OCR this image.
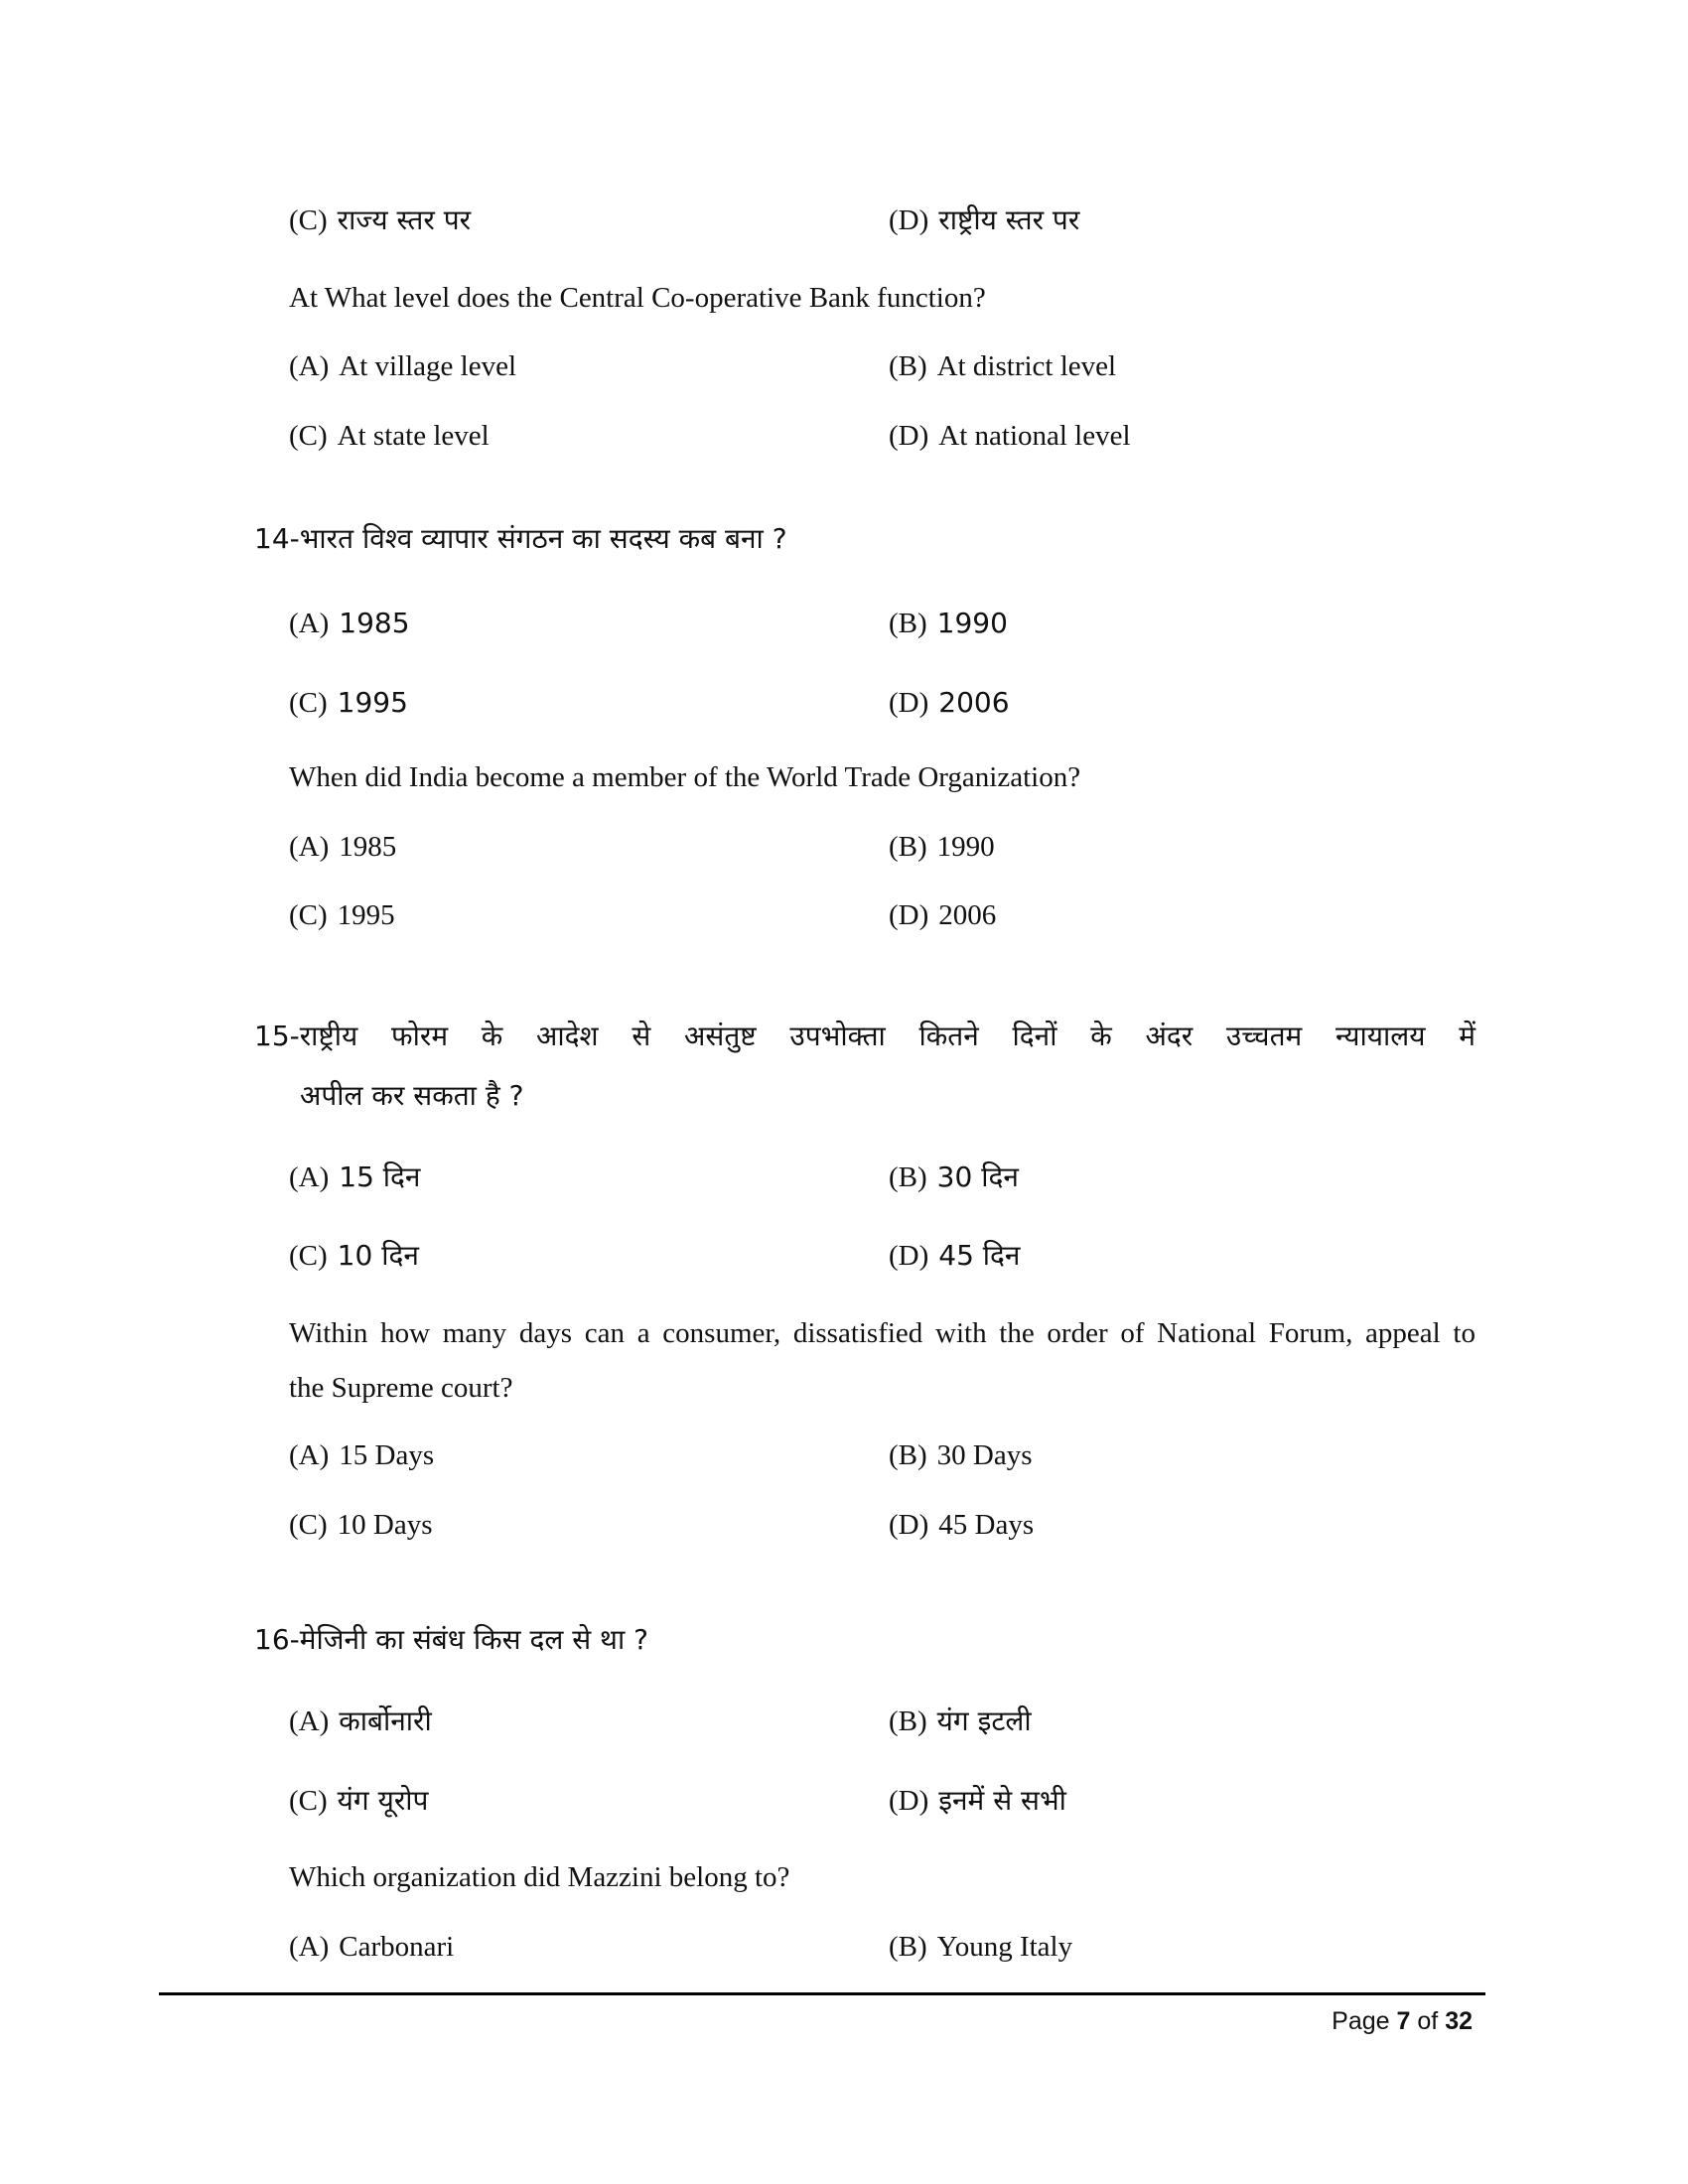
(C) राज्य स्तर पर	(D) राष्ट्रीय स्तर पर
At What level does the Central Co-operative Bank function?
(A) At village level	(B) At district level
(C) At state level	(D) At national level
14-भारत विश्व व्यापार संगठन का सदस्य कब बना ?
(A) 1985	(B) 1990
(C) 1995	(D) 2006
When did India become a member of the World Trade Organization?
(A) 1985	(B) 1990
(C) 1995	(D) 2006
15-राष्ट्रीय फोरम के आदेश से असंतुष्ट उपभोक्ता कितने दिनों के अंदर उच्चतम न्यायालय में
अपील कर सकता है ?
(A) 15 दिन	(B) 30 दिन
(C) 10 दिन	(D) 45 दिन
Within how many days can a consumer, dissatisfied with the order of National Forum, appeal to
the Supreme court?
(A) 15 Days	(B) 30 Days
(C) 10 Days	(D) 45 Days
16-मेजिनी का संबंध किस दल से था ?
(A) कार्बोनारी	(B) यंग इटली
(C) यंग यूरोप	(D) इनमें से सभी
Which organization did Mazzini belong to?
(A) Carbonari	(B) Young Italy
Page 7 of 32
